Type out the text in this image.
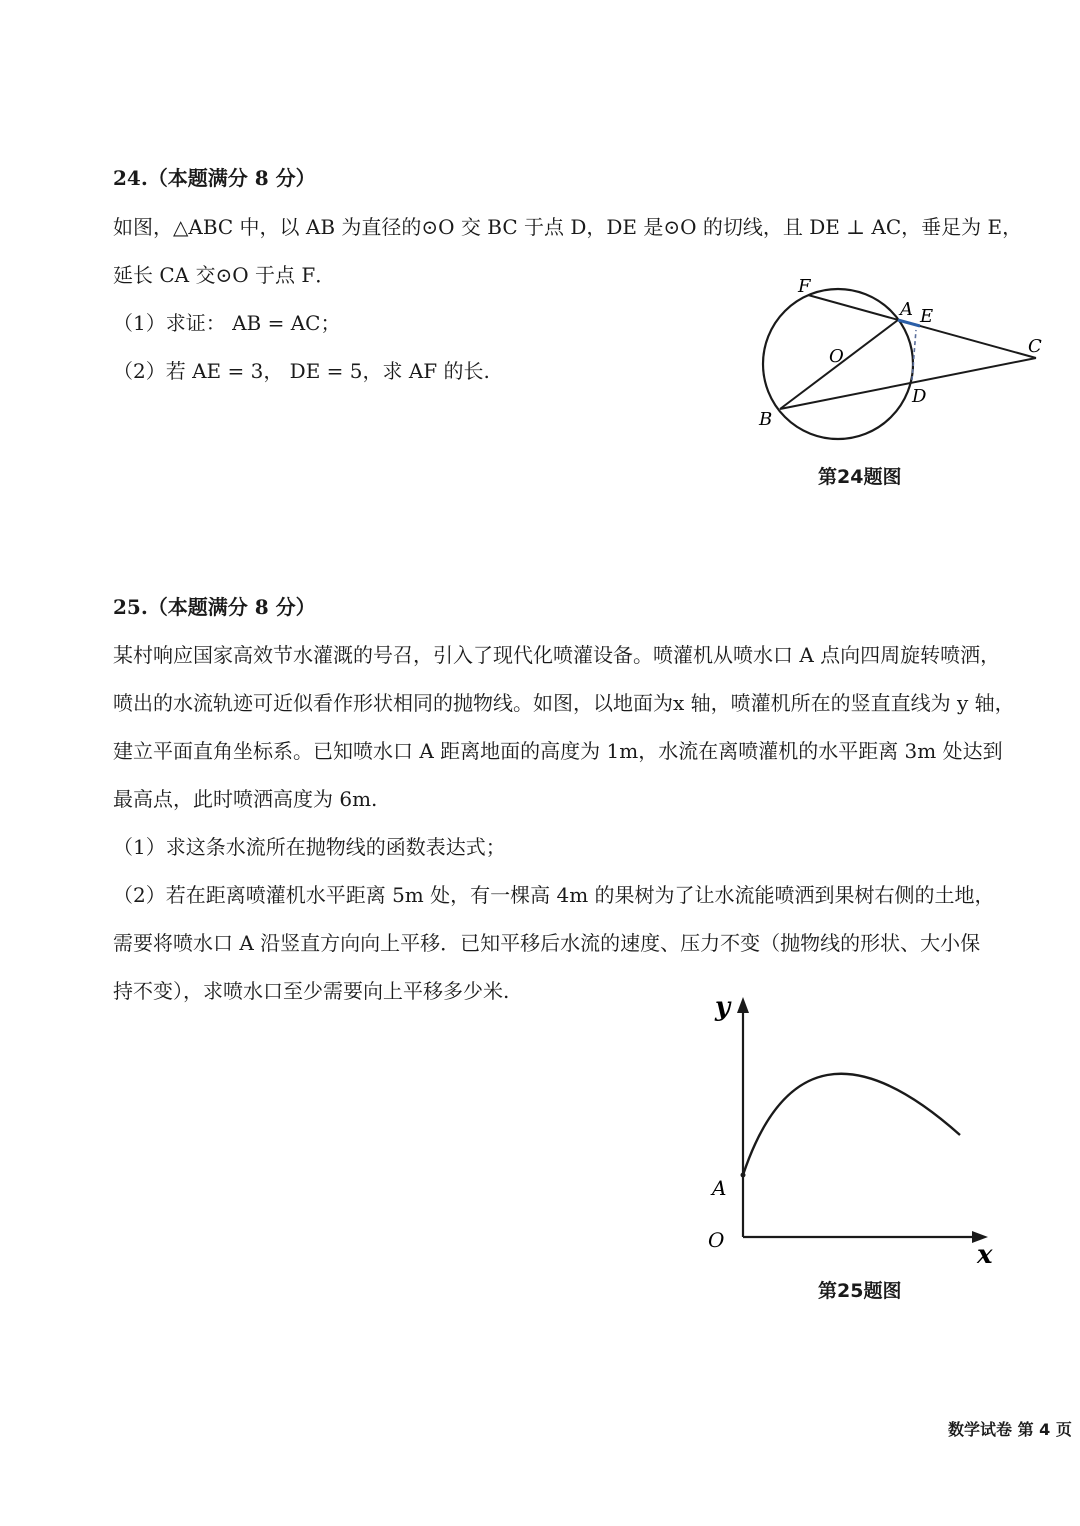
24.（本题满分 8 分）
如图，△ABC 中，以 AB 为直径的⊙O 交 BC 于点 D，DE 是⊙O 的切线，且 DE ⊥ AC，垂足为 E，
延长 CA 交⊙O 于点 F．
（1）求证： AB = AC；
（2）若 AE = 3， DE = 5，求 AF 的长.
F
A E
C
O
D
B
第24题图
25.（本题满分 8 分）
某村响应国家高效节水灌溉的号召，引入了现代化喷灌设备。喷灌机从喷水口 A 点向四周旋转喷洒，
喷出的水流轨迹可近似看作形状相同的抛物线。如图，以地面为x 轴，喷灌机所在的竖直直线为 y 轴，
建立平面直角坐标系。已知喷水口 A 距离地面的高度为 1m，水流在离喷灌机的水平距离 3m 处达到
最高点，此时喷洒高度为 6m.
（1）求这条水流所在抛物线的函数表达式；
（2）若在距离喷灌机水平距离 5m 处，有一棵高 4m 的果树为了让水流能喷洒到果树右侧的土地，
需要将喷水口 A 沿竖直方向向上平移．已知平移后水流的速度、压力不变（抛物线的形状、大小保
持不变），求喷水口至少需要向上平移多少米.
y
x
A
O
第25题图
数学试卷 第 4 页
